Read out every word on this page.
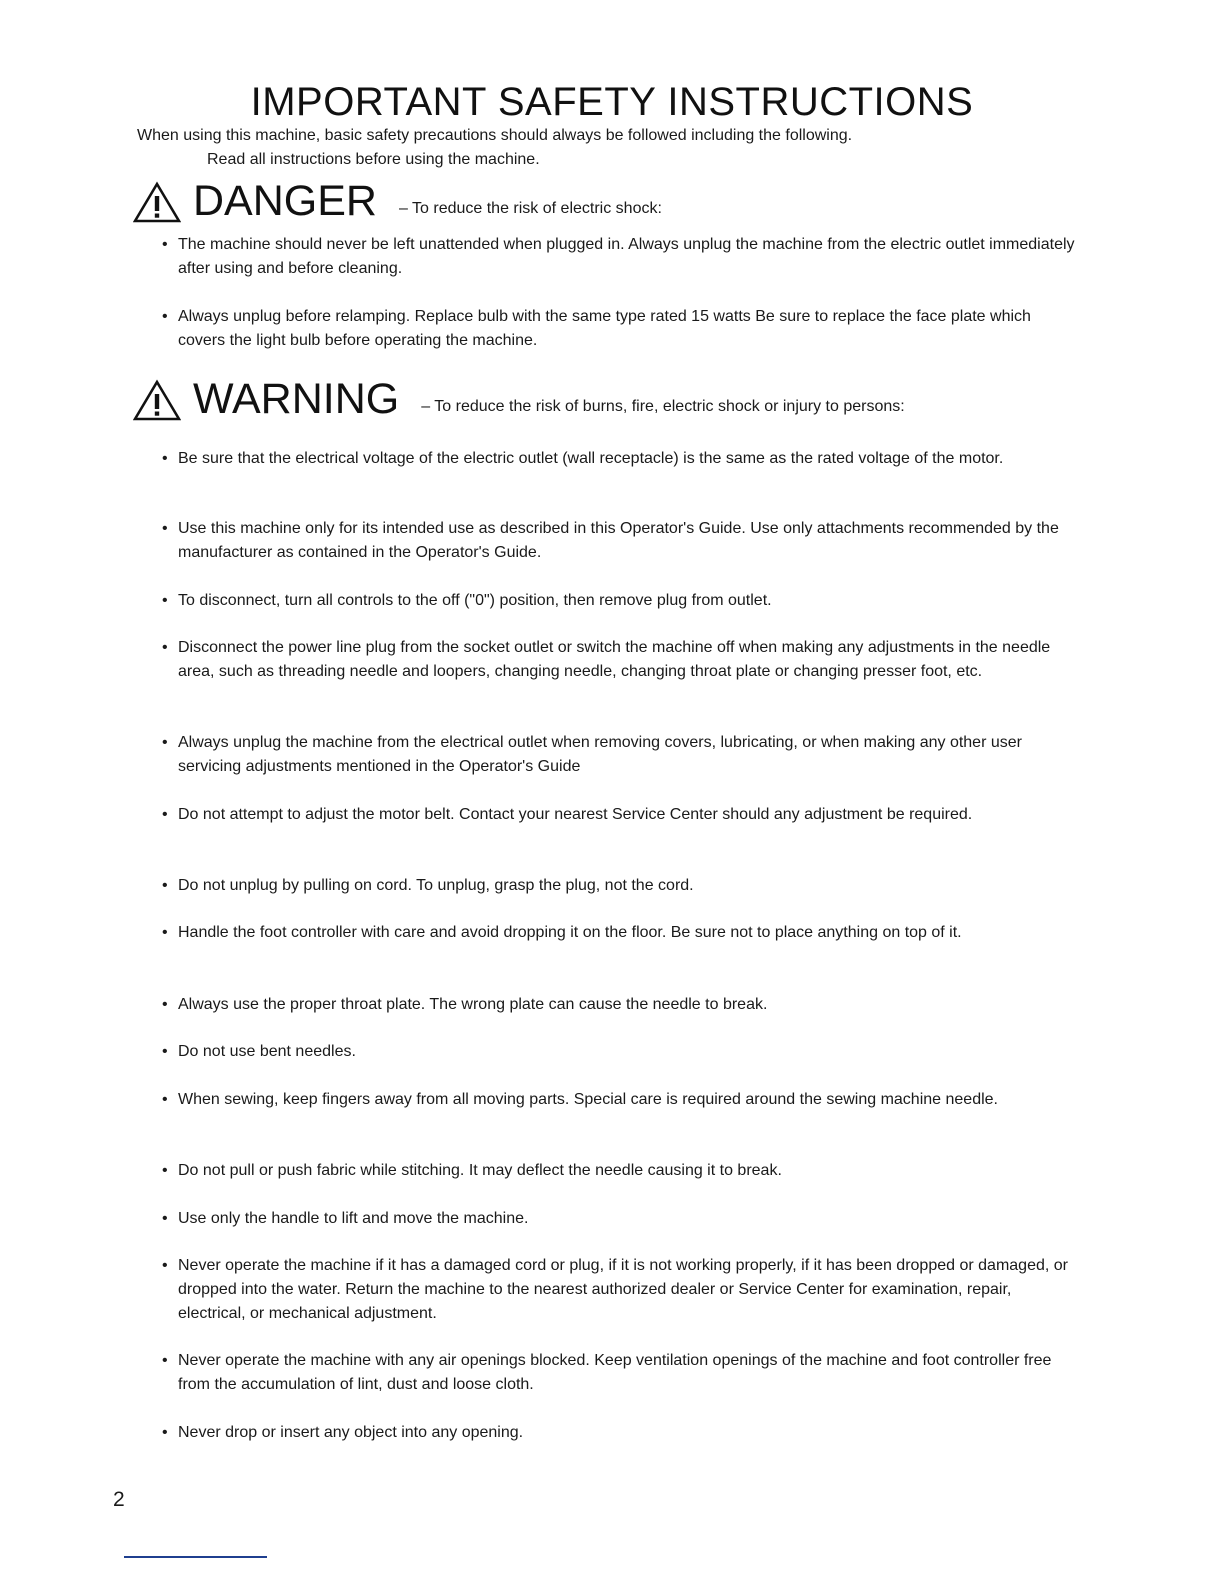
IMPORTANT SAFETY INSTRUCTIONS
When using this machine, basic safety precautions should always be followed including the following.
Read all instructions before using the machine.
DANGER – To reduce the risk of electric shock:
WARNING – To reduce the risk of burns, fire, electric shock or injury to persons:
• The machine should never be left unattended when plugged in. Always unplug the machine from the electric outlet immediately after using and before cleaning.
• Always unplug before relamping. Replace bulb with the same type rated 15 watts Be sure to replace the face plate which covers the light bulb before operating the machine.
• Be sure that the electrical voltage of the electric outlet (wall receptacle) is the same as the rated voltage of the motor.
• Use this machine only for its intended use as described in this Operator's Guide. Use only attachments recommended by the manufacturer as contained in the Operator's Guide.
• To disconnect, turn all controls to the off ("0") position, then remove plug from outlet.
• Disconnect the power line plug from the socket outlet or switch the machine off when making any adjustments in the needle area, such as threading needle and loopers, changing needle, changing throat plate or changing presser foot, etc.
• Always unplug the machine from the electrical outlet when removing covers, lubricating, or when making any other user servicing adjustments mentioned in the Operator's Guide
• Do not attempt to adjust the motor belt. Contact your nearest Service Center should any adjustment be required.
• Do not unplug by pulling on cord. To unplug, grasp the plug, not the cord.
• Handle the foot controller with care and avoid dropping it on the floor. Be sure not to place anything on top of it.
• Always use the proper throat plate. The wrong plate can cause the needle to break.
• Do not use bent needles.
• When sewing, keep fingers away from all moving parts. Special care is required around the sewing machine needle.
• Do not pull or push fabric while stitching. It may deflect the needle causing it to break.
• Use only the handle to lift and move the machine.
• Never operate the machine if it has a damaged cord or plug, if it is not working properly, if it has been dropped or damaged, or dropped into the water. Return the machine to the nearest authorized dealer or Service Center for examination, repair, electrical, or mechanical adjustment.
• Never operate the machine with any air openings blocked. Keep ventilation openings of the machine and foot controller free from the accumulation of lint, dust and loose cloth.
• Never drop or insert any object into any opening.
2
